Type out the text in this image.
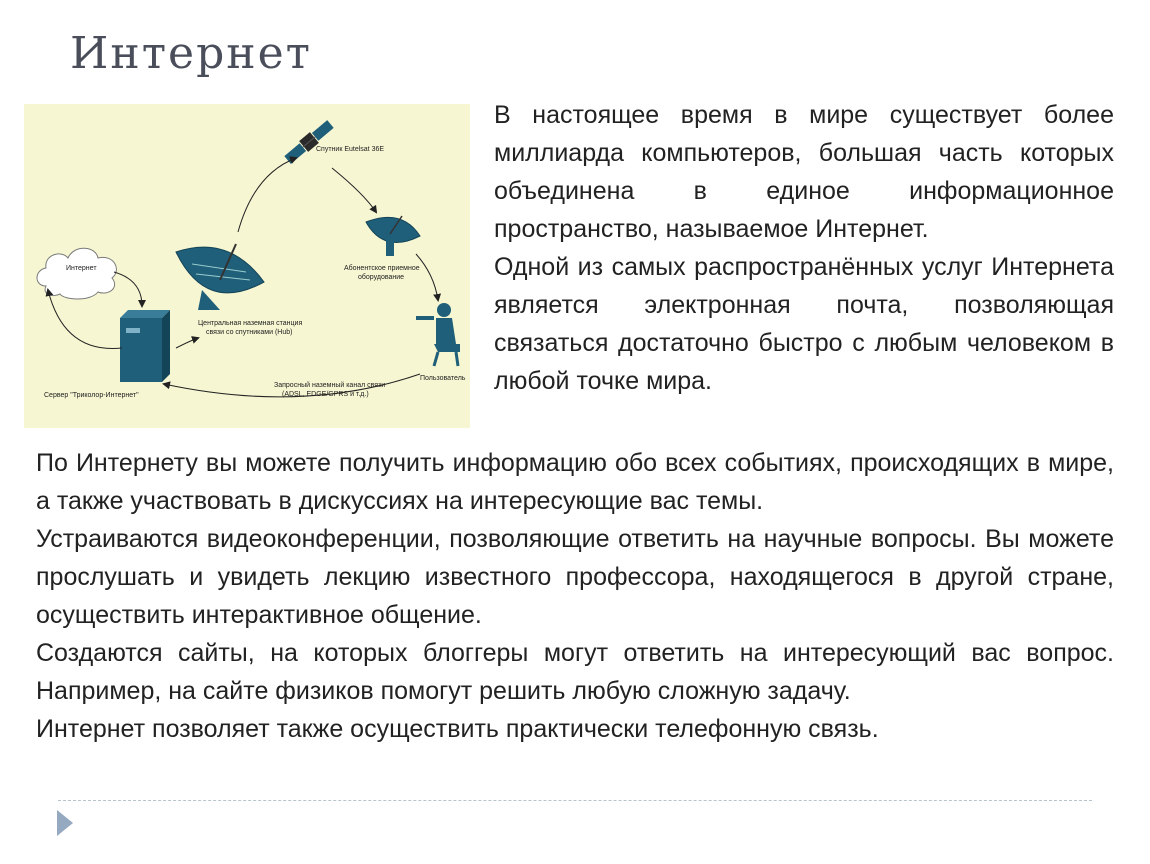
Интернет
Спутник Eutelsat 36E
Интернет
Центральная наземная станция
связи со спутниками (Hub)
Абонентское приемное
оборудование
Сервер "Триколор-Интернет"
Пользователь
Запросный наземный канал связи
(ADSL, EDGE/GPRS и т.д.)

В настоящее время в мире существует более миллиарда компьютеров, большая часть которых объединена в единое информационное пространство, называемое Интернет.

Одной из самых распространённых услуг Интернета является электронная почта, позволяющая связаться достаточно быстро с любым человеком в любой точке мира.

По Интернету вы можете получить информацию обо всех событиях, происходящих в мире, а также участвовать в дискуссиях на интересующие вас темы.

Устраиваются видеоконференции, позволяющие ответить на научные вопросы. Вы можете прослушать и увидеть лекцию известного профессора, находящегося в другой стране, осуществить интерактивное общение.

Создаются сайты, на которых блоггеры могут ответить на интересующий вас вопрос. Например, на сайте физиков помогут решить любую сложную задачу.

Интернет позволяет также осуществить практически телефонную связь.
